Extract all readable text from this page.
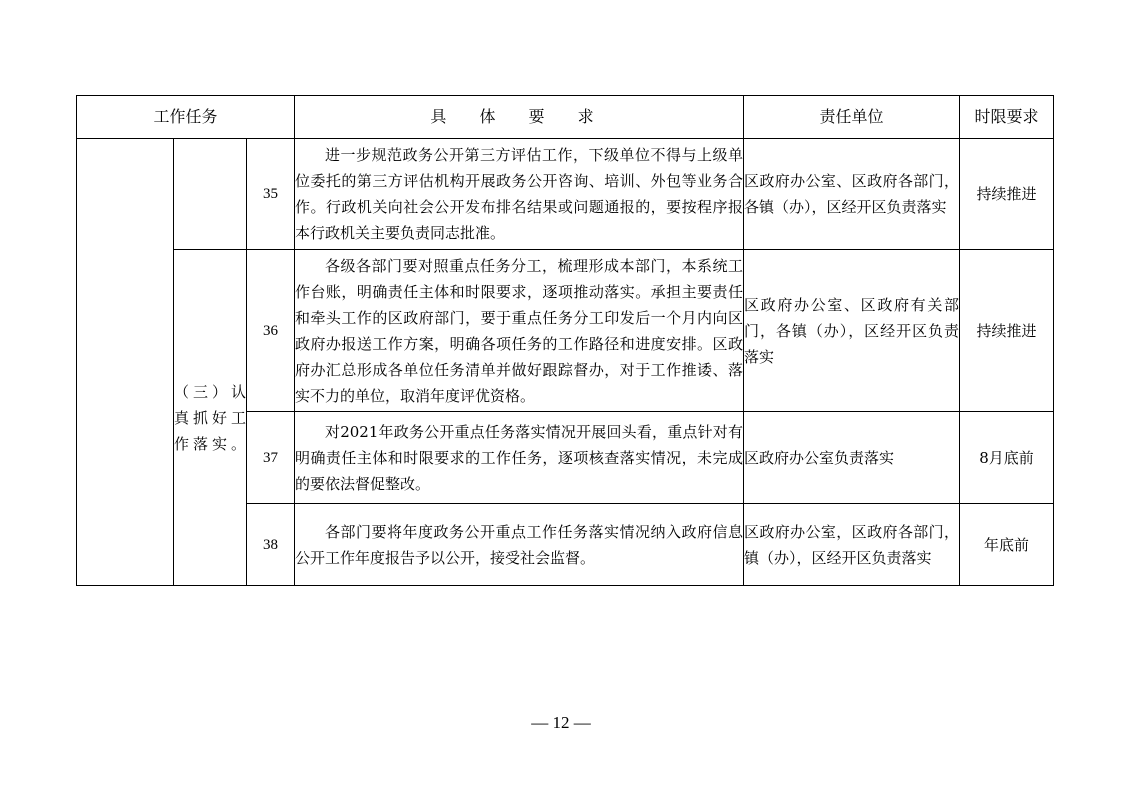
工作任务			具 体 要 求	责任单位	时限要求
		35	进一步规范政务公开第三方评估工作，下级单位不得与上级单位委托的第三方评估机构开展政务公开咨询、培训、外包等业务合作。行政机关向社会公开发布排名结果或问题通报的，要按程序报本行政机关主要负责同志批准。	区政府办公室、区政府各部门，各镇（办），区经开区负责落实	持续推进
	（三）认真抓好工作落实。	36	各级各部门要对照重点任务分工，梳理形成本部门，本系统工作台账，明确责任主体和时限要求，逐项推动落实。承担主要责任和牵头工作的区政府部门，要于重点任务分工印发后一个月内向区政府办报送工作方案，明确各项任务的工作路径和进度安排。区政府办汇总形成各单位任务清单并做好跟踪督办，对于工作推诿、落实不力的单位，取消年度评优资格。	区政府办公室、区政府有关部门，各镇（办），区经开区负责落实	持续推进
		37	对2021年政务公开重点任务落实情况开展回头看，重点针对有明确责任主体和时限要求的工作任务，逐项核查落实情况，未完成的要依法督促整改。	区政府办公室负责落实	8月底前
		38	各部门要将年度政务公开重点工作任务落实情况纳入政府信息公开工作年度报告予以公开，接受社会监督。	区政府办公室，区政府各部门，镇（办），区经开区负责落实	年底前
— 12 —
